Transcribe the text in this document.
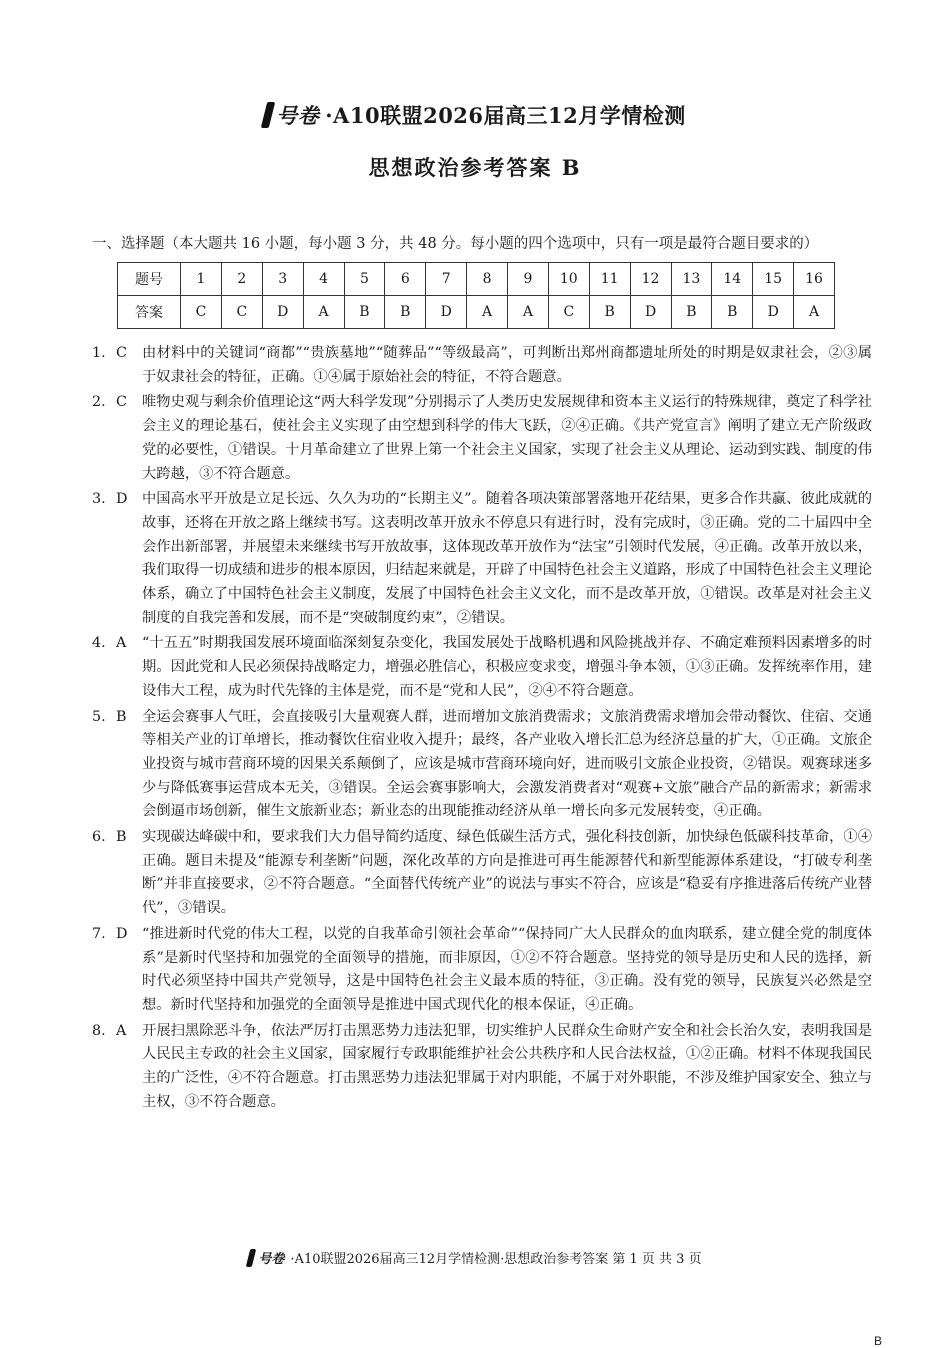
号卷 ·A10联盟2026届高三12月学情检测
思想政治参考答案 B
一、选择题（本大题共 16 小题，每小题 3 分，共 48 分。每小题的四个选项中，只有一项是最符合题目要求的）
题号	1	2	3	4	5	6	7	8	9	10	11	12	13	14	15	16
答案	C	C	D	A	B	B	D	A	A	C	B	D	B	B	D	A
1. C	由材料中的关键词“商都”“贵族墓地”“随葬品”“等级最高”，可判断出郑州商都遗址所处的时期是奴隶社会，②③属于奴隶社会的特征，正确。①④属于原始社会的特征，不符合题意。
2. C	唯物史观与剩余价值理论这“两大科学发现”分别揭示了人类历史发展规律和资本主义运行的特殊规律，奠定了科学社会主义的理论基石，使社会主义实现了由空想到科学的伟大飞跃，②④正确。《共产党宣言》阐明了建立无产阶级政党的必要性，①错误。十月革命建立了世界上第一个社会主义国家，实现了社会主义从理论、运动到实践、制度的伟大跨越，③不符合题意。
3. D	中国高水平开放是立足长远、久久为功的“长期主义”。随着各项决策部署落地开花结果，更多合作共赢、彼此成就的故事，还将在开放之路上继续书写。这表明改革开放永不停息只有进行时，没有完成时，③正确。党的二十届四中全会作出新部署，并展望未来继续书写开放故事，这体现改革开放作为“法宝”引领时代发展，④正确。改革开放以来，我们取得一切成绩和进步的根本原因，归结起来就是，开辟了中国特色社会主义道路，形成了中国特色社会主义理论体系，确立了中国特色社会主义制度，发展了中国特色社会主义文化，而不是改革开放，①错误。改革是对社会主义制度的自我完善和发展，而不是“突破制度约束”，②错误。
4. A	“十五五”时期我国发展环境面临深刻复杂变化，我国发展处于战略机遇和风险挑战并存、不确定难预料因素增多的时期。因此党和人民必须保持战略定力，增强必胜信心，积极应变求变，增强斗争本领，①③正确。发挥统率作用，建设伟大工程，成为时代先锋的主体是党，而不是“党和人民”，②④不符合题意。
5. B	全运会赛事人气旺，会直接吸引大量观赛人群，进而增加文旅消费需求；文旅消费需求增加会带动餐饮、住宿、交通等相关产业的订单增长，推动餐饮住宿业收入提升；最终，各产业收入增长汇总为经济总量的扩大，①正确。文旅企业投资与城市营商环境的因果关系颠倒了，应该是城市营商环境向好，进而吸引文旅企业投资，②错误。观赛球迷多少与降低赛事运营成本无关，③错误。全运会赛事影响大，会激发消费者对“观赛+文旅”融合产品的新需求；新需求会倒逼市场创新，催生文旅新业态；新业态的出现能推动经济从单一增长向多元发展转变，④正确。
6. B	实现碳达峰碳中和，要求我们大力倡导简约适度、绿色低碳生活方式，强化科技创新，加快绿色低碳科技革命，①④正确。题目未提及“能源专利垄断”问题，深化改革的方向是推进可再生能源替代和新型能源体系建设，“打破专利垄断”并非直接要求，②不符合题意。“全面替代传统产业”的说法与事实不符合，应该是“稳妥有序推进落后传统产业替代”，③错误。
7. D	“推进新时代党的伟大工程，以党的自我革命引领社会革命”“保持同广大人民群众的血肉联系，建立健全党的制度体系”是新时代坚持和加强党的全面领导的措施，而非原因，①②不符合题意。坚持党的领导是历史和人民的选择，新时代必须坚持中国共产党领导，这是中国特色社会主义最本质的特征，③正确。没有党的领导，民族复兴必然是空想。新时代坚持和加强党的全面领导是推进中国式现代化的根本保证，④正确。
8. A	开展扫黑除恶斗争，依法严厉打击黑恶势力违法犯罪，切实维护人民群众生命财产安全和社会长治久安，表明我国是人民民主专政的社会主义国家，国家履行专政职能维护社会公共秩序和人民合法权益，①②正确。材料不体现我国民主的广泛性，④不符合题意。打击黑恶势力违法犯罪属于对内职能，不属于对外职能，不涉及维护国家安全、独立与主权，③不符合题意。
号卷 ·A10联盟2026届高三12月学情检测·思想政治参考答案 第 1 页 共 3 页
B
